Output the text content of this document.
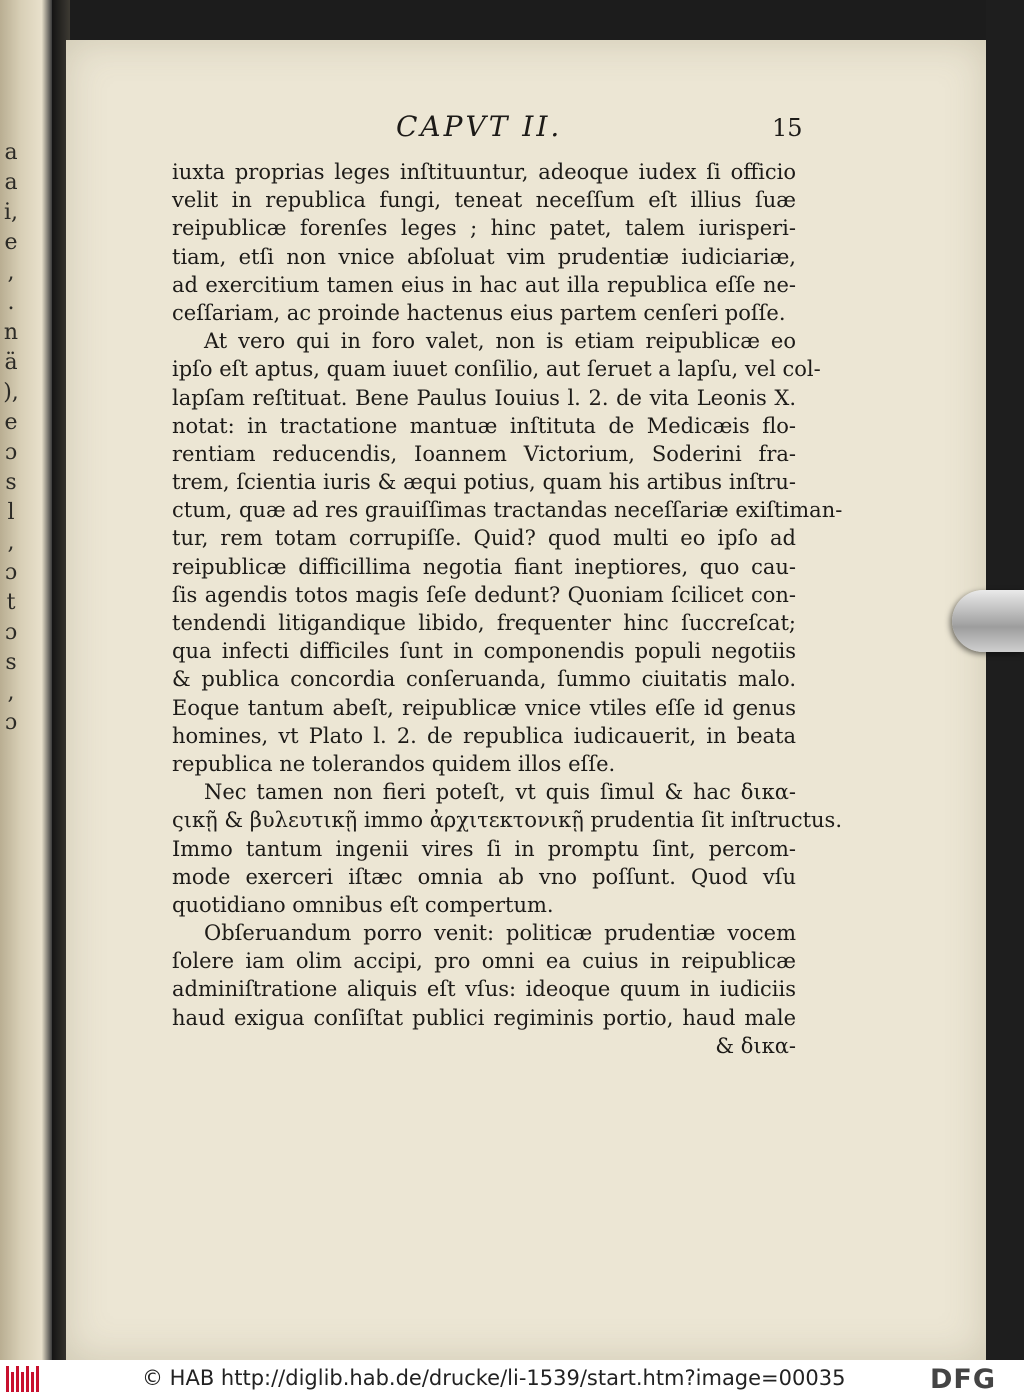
a
a
i,
e
,
.
n
ä
),
e
ɔ
s
l
,
ɔ
t
ɔ
s
,
ɔ
CAPVT II.	15
iuxta proprias leges inſtituuntur, adeoque iudex ſi officio
velit in republica fungi, teneat neceſſum eſt illius ſuæ
reipublicæ forenſes leges ; hinc patet, talem iurisperi-
tiam, etſi non vnice abſoluat vim prudentiæ iudiciariæ,
ad exercitium tamen eius in hac aut illa republica eſſe ne-
ceſſariam, ac proinde hactenus eius partem cenſeri poſſe.
At vero qui in foro valet, non is etiam reipublicæ eo
ipſo eſt aptus, quam iuuet conſilio, aut ſeruet a lapſu, vel col-
lapſam reſtituat. Bene Paulus Iouius l. 2. de vita Leonis X.
notat: in tractatione mantuæ inſtituta de Medicæis flo-
rentiam reducendis, Ioannem Victorium, Soderini fra-
trem, ſcientia iuris & æqui potius, quam his artibus inſtru-
ctum, quæ ad res grauiſſimas tractandas neceſſariæ exiſtiman-
tur, rem totam corrupiſſe. Quid? quod multi eo ipſo ad
reipublicæ difficillima negotia fiant ineptiores, quo cau-
ſis agendis totos magis ſeſe dedunt? Quoniam ſcilicet con-
tendendi litigandique libido, frequenter hinc ſuccreſcat;
qua infecti difficiles ſunt in componendis populi negotiis
& publica concordia conſeruanda, ſummo ciuitatis malo.
Eoque tantum abeſt, reipublicæ vnice vtiles eſſe id genus
homines, vt Plato l. 2. de republica iudicauerit, in beata
republica ne tolerandos quidem illos eſſe.
Nec tamen non fieri poteſt, vt quis ſimul & hac δικα-
ςικῇ & βυλευτικῇ immo ἀρχιτεκτονικῇ prudentia ſit inſtructus.
Immo tantum ingenii vires ſi in promptu ſint, percom-
mode exerceri iſtæc omnia ab vno poſſunt. Quod vſu
quotidiano omnibus eſt compertum.
Obſeruandum porro venit: politicæ prudentiæ vocem
ſolere iam olim accipi, pro omni ea cuius in reipublicæ
adminiſtratione aliquis eſt vſus: ideoque quum in iudiciis
haud exigua conſiſtat publici regiminis portio, haud male
& δικα-
© HAB http://diglib.hab.de/drucke/li-1539/start.htm?image=00035	DFG
